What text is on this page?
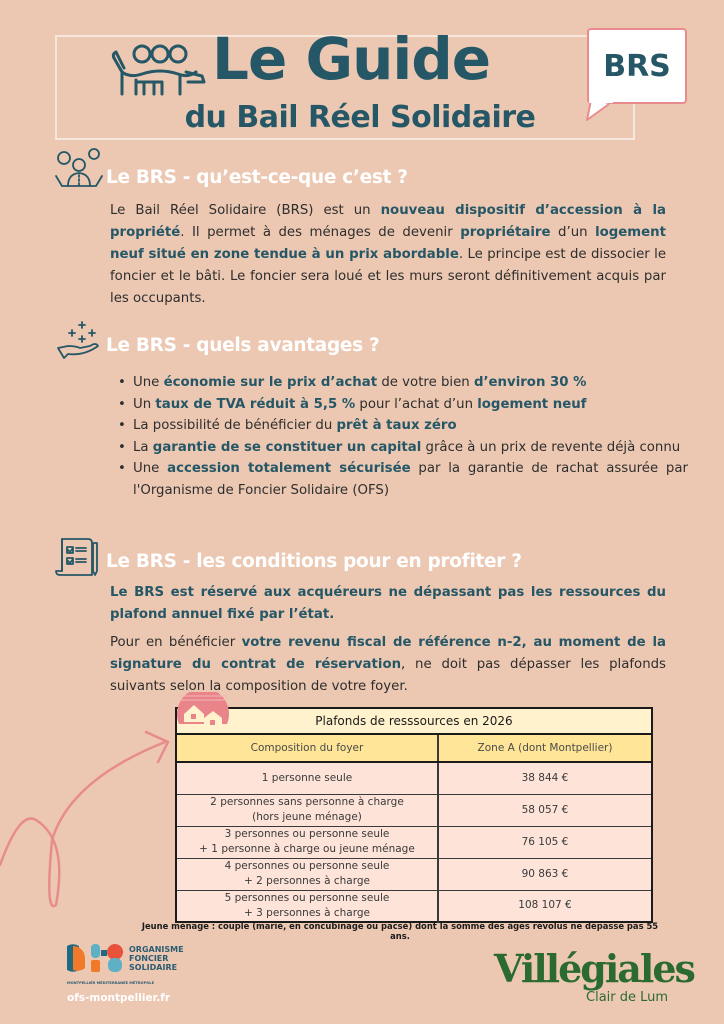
Le Guide
du Bail Réel Solidaire
BRS
Le BRS - qu’est-ce-que c’est ?

Le Bail Réel Solidaire (BRS) est un nouveau dispositif d’accession à la propriété. Il permet à des ménages de devenir propriétaire d’un logement neuf situé en zone tendue à un prix abordable. Le principe est de dissocier le foncier et le bâti. Le foncier sera loué et les murs seront définitivement acquis par les occupants.

Le BRS - quels avantages ?
• Une économie sur le prix d’achat de votre bien d’environ 30 %
• Un taux de TVA réduit à 5,5 % pour l’achat d’un logement neuf
• La possibilité de bénéficier du prêt à taux zéro
• La garantie de se constituer un capital grâce à un prix de revente déjà connu
• Une accession totalement sécurisée par la garantie de rachat assurée par l'Organisme de Foncier Solidaire (OFS)
Le BRS - les conditions pour en profiter ?

Le BRS est réservé aux acquéreurs ne dépassant pas les ressources du plafond annuel fixé par l’état.

Pour en bénéficier votre revenu fiscal de référence n-2, au moment de la signature du contrat de réservation, ne doit pas dépasser les plafonds suivants selon la composition de votre foyer.

Plafonds de resssources en 2026	
Composition du foyer	Zone A (dont Montpellier)
1 personne seule	38 844 €
2 personnes sans personne à charge
(hors jeune ménage)	58 057 €
3 personnes ou personne seule
+ 1 personne à charge ou jeune ménage	76 105 €
4 personnes ou personne seule
+ 2 personnes à charge	90 863 €
5 personnes ou personne seule
+ 3 personnes à charge	108 107 €
Jeune ménage : couple (marié, en concubinage ou pacsé) dont la somme des âges révolus ne dépasse pas 55 ans.
ORGANISME
FONCIER
SOLIDAIRE
MONTPELLIER MÉDITERRANÉE MÉTROPOLE
ofs-montpellier.fr
Villégiales
Clair de Lum
